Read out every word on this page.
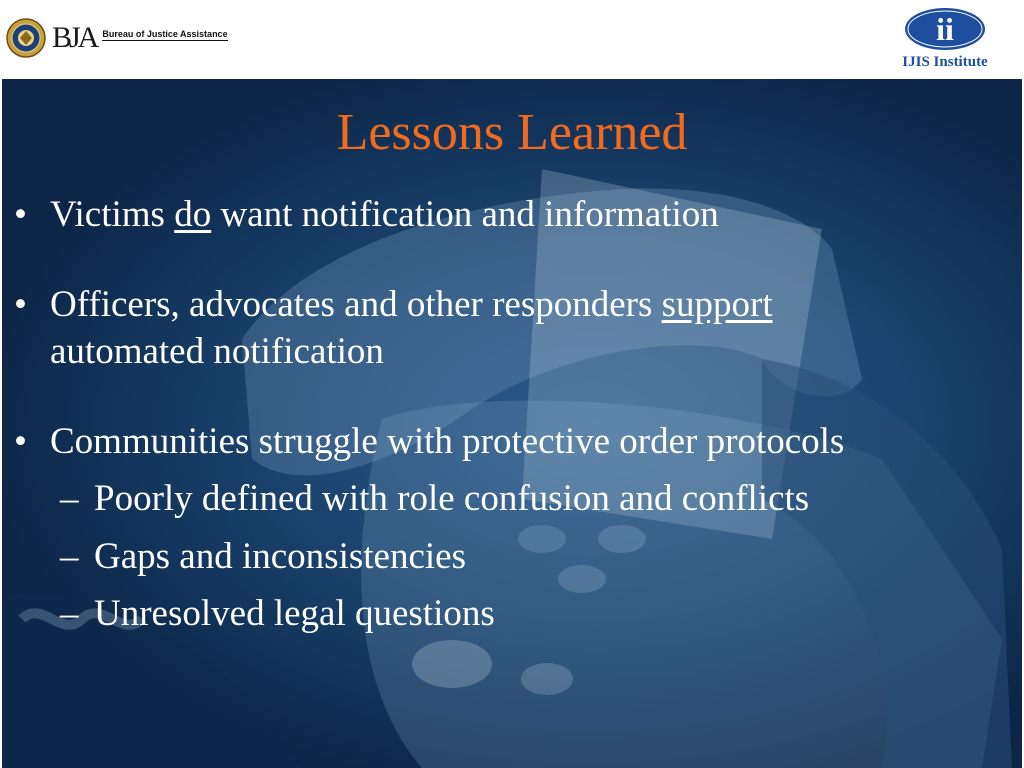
BJA Bureau of Justice Assistance	ii
IJIS Institute
Lessons Learned
• Victims do want notification and information
• Officers, advocates and other responders support
automated notification
• Communities struggle with protective order protocols
– Poorly defined with role confusion and conflicts
– Gaps and inconsistencies
– Unresolved legal questions
